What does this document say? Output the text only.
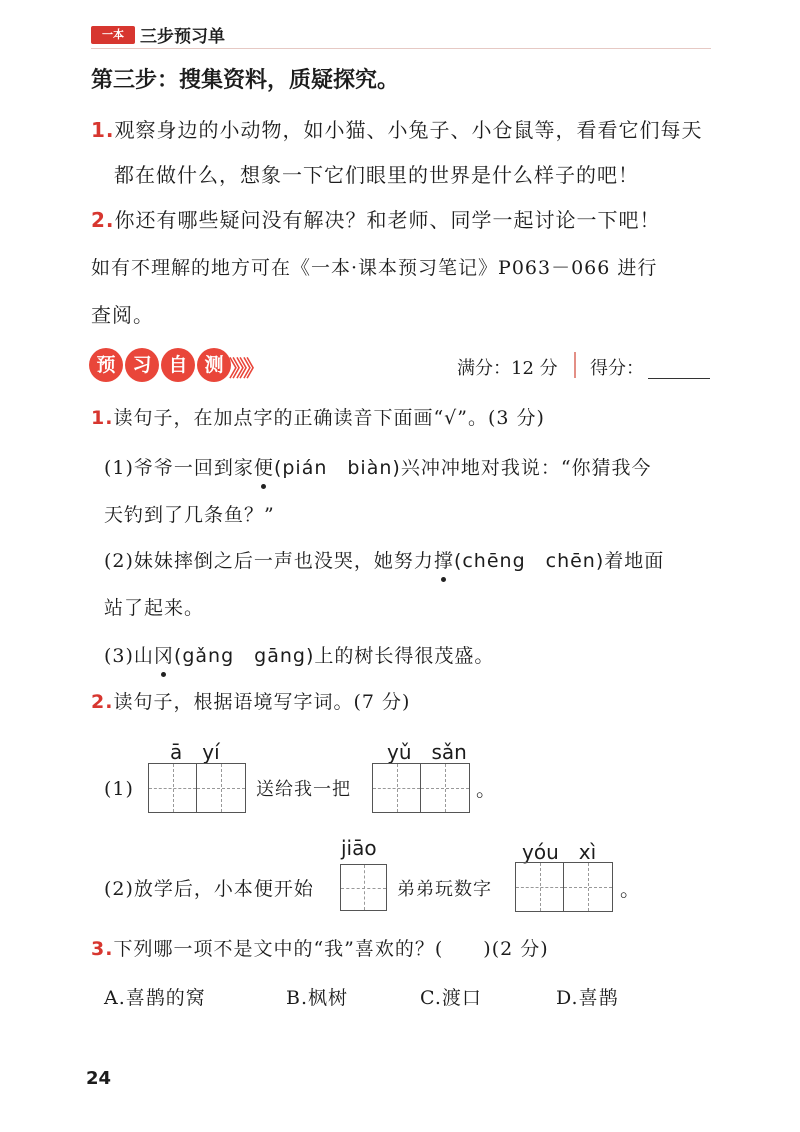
一本 三步预习单
第三步：搜集资料，质疑探究。
1.观察身边的小动物，如小猫、小兔子、小仓鼠等，看看它们每天
都在做什么，想象一下它们眼里的世界是什么样子的吧！
2.你还有哪些疑问没有解决？和老师、同学一起讨论一下吧！
如有不理解的地方可在《一本·课本预习笔记》P063－066 进行
查阅。
预 习 自 测 》》》	满分：12 分 得分：
1.读句子，在加点字的正确读音下面画“√”。(3 分)
(1)爷爷一回到家便(pián　biàn)兴冲冲地对我说：“你猜我今
天钓到了几条鱼？”
(2)妹妹摔倒之后一声也没哭，她努力撑(chēng　chēn)着地面
站了起来。
(3)山冈(gǎng　gāng)上的树长得很茂盛。
2.读句子，根据语境写字词。(7 分)
ā　yí
(1)	送给我一把
yǔ　sǎn
。
jiāo
(2)放学后，小本便开始	弟弟玩数字
yóu　xì
。
3.下列哪一项不是文中的“我”喜欢的？(　　)(2 分)
A.喜鹊的窝	B.枫树	C.渡口	D.喜鹊
24
